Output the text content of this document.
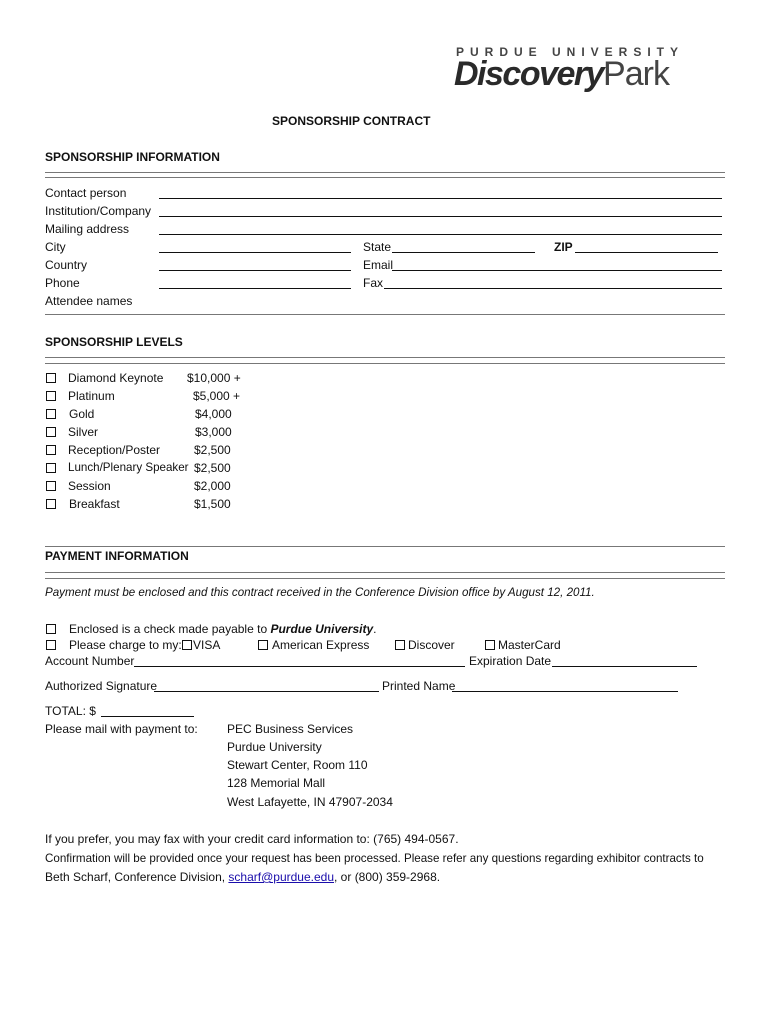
PURDUE UNIVERSITY
DiscoveryPark
SPONSORSHIP CONTRACT
SPONSORSHIP INFORMATION
Contact person
Institution/Company
Mailing address
City	State	ZIP
Country	Email
Phone	Fax
Attendee names
SPONSORSHIP LEVELS
Diamond Keynote $10,000 +
Platinum	$5,000 +
Gold	$4,000
Silver	$3,000
Reception/Poster	$2,500
Lunch/Plenary Speaker $2,500
Session	$2,000
Breakfast	$1,500
PAYMENT INFORMATION
Payment must be enclosed and this contract received in the Conference Division office by August 12, 2011.
Enclosed is a check made payable to Purdue University.
Please charge to my: VISA	American Express	Discover	MasterCard
Account Number	Expiration Date
Authorized Signature	Printed Name
TOTAL: $
Please mail with payment to: PEC Business Services
Purdue University
Stewart Center, Room 110
128 Memorial Mall
West Lafayette, IN 47907-2034
If you prefer, you may fax with your credit card information to: (765) 494-0567.
Confirmation will be provided once your request has been processed. Please refer any questions regarding exhibitor contracts to
Beth Scharf, Conference Division, scharf@purdue.edu, or (800) 359-2968.
